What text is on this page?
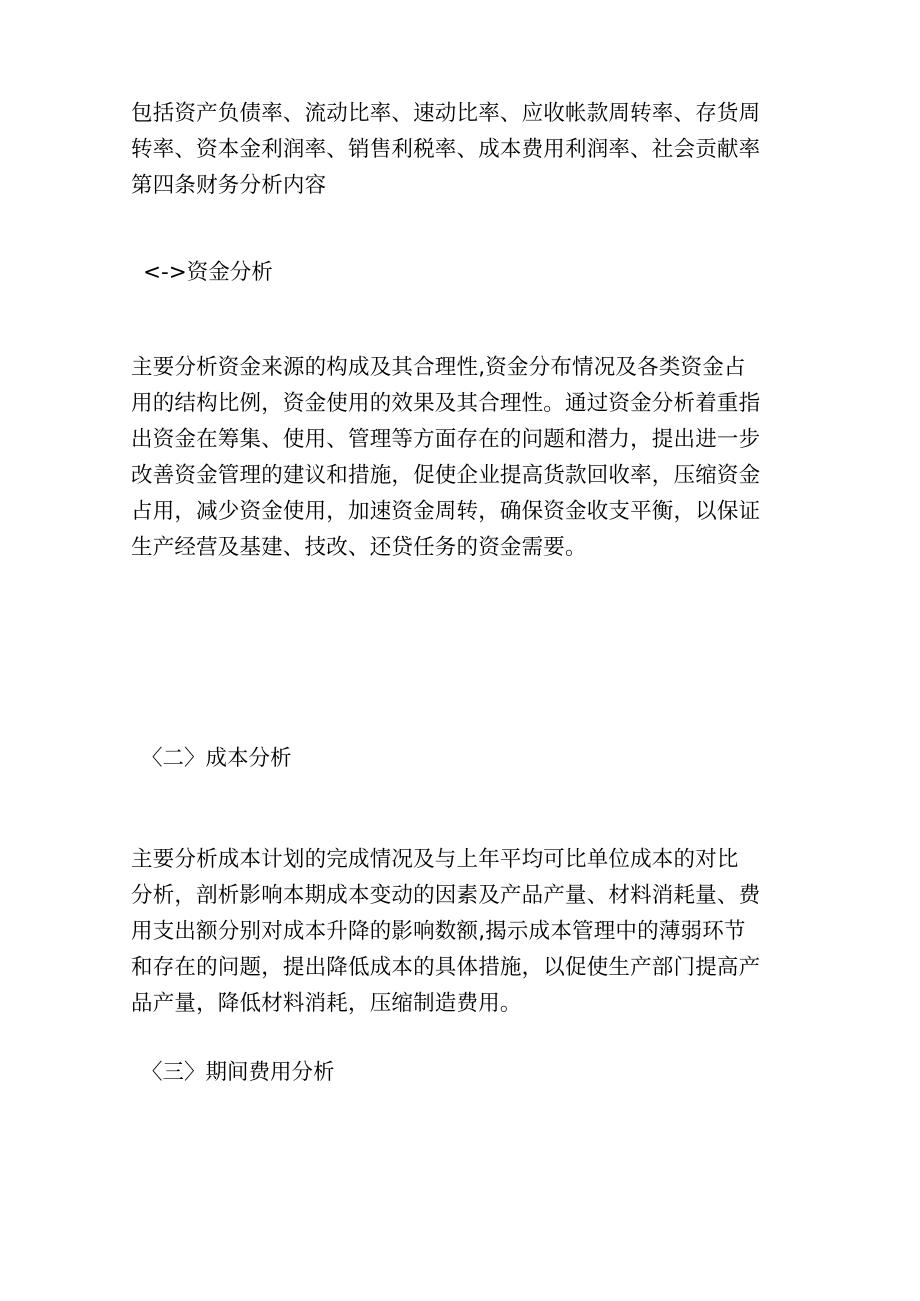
包括资产负债率、流动比率、速动比率、应收帐款周转率、存货周
转率、资本金利润率、销售利税率、成本费用利润率、社会贡献率
第四条财务分析内容
<->资金分析
主要分析资金来源的构成及其合理性,资金分布情况及各类资金占
用的结构比例，资金使用的效果及其合理性。通过资金分析着重指
出资金在筹集、使用、管理等方面存在的问题和潜力，提出进一步
改善资金管理的建议和措施，促使企业提高货款回收率，压缩资金
占用，减少资金使用，加速资金周转，确保资金收支平衡，以保证
生产经营及基建、技改、还贷任务的资金需要。
〈二〉成本分析
主要分析成本计划的完成情况及与上年平均可比单位成本的对比
分析，剖析影响本期成本变动的因素及产品产量、材料消耗量、费
用支出额分别对成本升降的影响数额,揭示成本管理中的薄弱环节
和存在的问题，提出降低成本的具体措施，以促使生产部门提高产
品产量，降低材料消耗，压缩制造费用。
〈三〉期间费用分析
